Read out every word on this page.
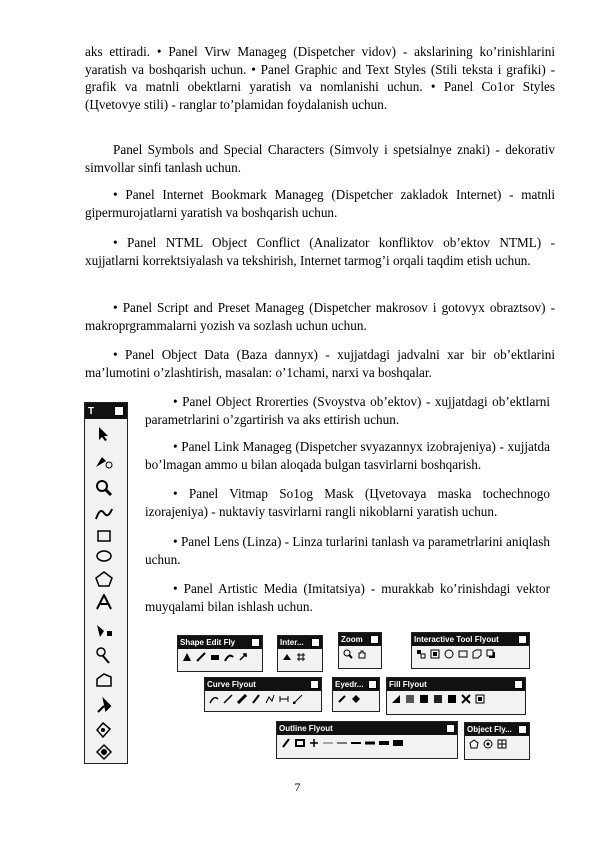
aks ettiradi. • Panel Virw Manageg (Dispetcher vidov) - akslarining ko’rinishlarini yaratish va boshqarish uchun. • Panel Graphic and Text Styles (Stili teksta i grafiki) - grafik va matnli obektlarni yaratish va nomlanishi uchun. • Panel Co1or Styles (Цvetovye stili) - ranglar to’plamidan foydalanish uchun.

Panel Symbols and Special Characters (Simvoly i spetsialnye znaki) - dekorativ simvollar sinfi tanlash uchun.

• Panel Internet Bookmark Manageg (Dispetcher zakladok Internet) - matnli gipermurojatlarni yaratish va boshqarish uchun.

• Panel NTML Object Conflict (Analizator konfliktov ob’ektov NTML) - xujjatlarni korrektsiyalash va tekshirish, Internet tarmog’i orqali taqdim etish uchun.

• Panel Script and Preset Manageg (Dispetcher makrosov i gotovyx obraztsov) - makroprgrammalarni yozish va sozlash uchun uchun.

• Panel Object Data (Baza dannyx) - xujjatdagi jadvalni xar bir ob’ektlarini ma’lumotini o’zlashtirish, masalan: o’1chami, narxi va boshqalar.

• Panel Object Rrorerties (Svoystva ob’ektov) - xujjatdagi ob’ektlarni parametrlarini o’zgartirish va aks ettirish uchun.

• Panel Link Manageg (Dispetcher svyazannyx izobrajeniya) - xujjatda bo’lmagan ammo u bilan aloqada bulgan tasvirlarni boshqarish.

• Panel Vitmap So1og Mask (Цvetovaya maska tochechnogo izorajeniya) - nuktaviy tasvirlarni rangli nikoblarni yaratish uchun.

• Panel Lens (Linza) - Linza turlarini tanlash va parametrlarini aniqlash uchun.

• Panel Artistic Media (Imitatsiya) - murakkab ko’rinishdagi vektor muyqalami bilan ishlash uchun.

T
Shape Edit Fly	Inter...	Zoom	Interactive Tool Flyout
Curve Flyout	Eyedr...	Fill Flyout
Outline Flyout	Object Fly...
7
